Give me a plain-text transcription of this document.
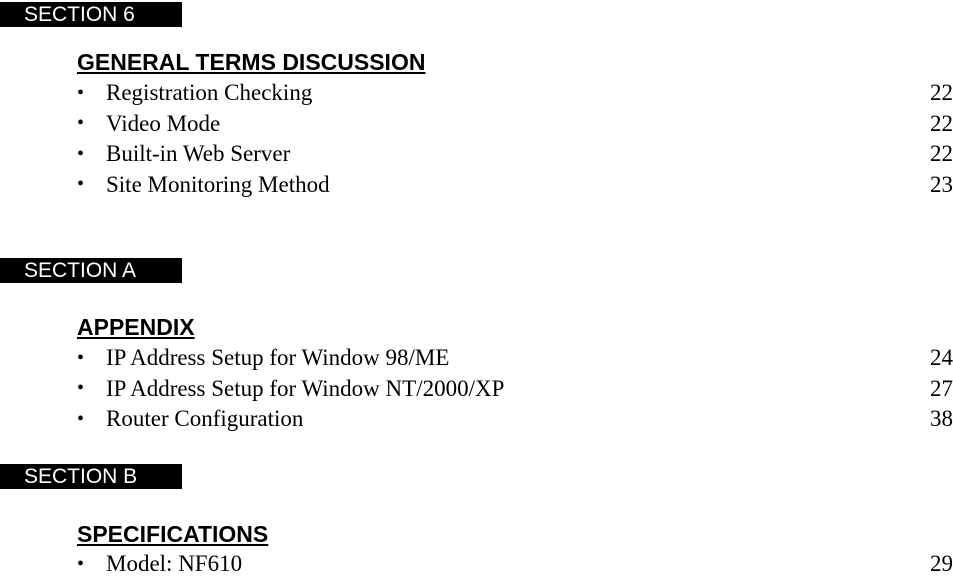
SECTION 6
GENERAL TERMS DISCUSSION
• Registration Checking	22
• Video Mode	22
• Built-in Web Server	22
• Site Monitoring Method	23
SECTION A
APPENDIX
• IP Address Setup for Window 98/ME	24
• IP Address Setup for Window NT/2000/XP	27
• Router Configuration	38
SECTION B
SPECIFICATIONS
• Model: NF610	29
